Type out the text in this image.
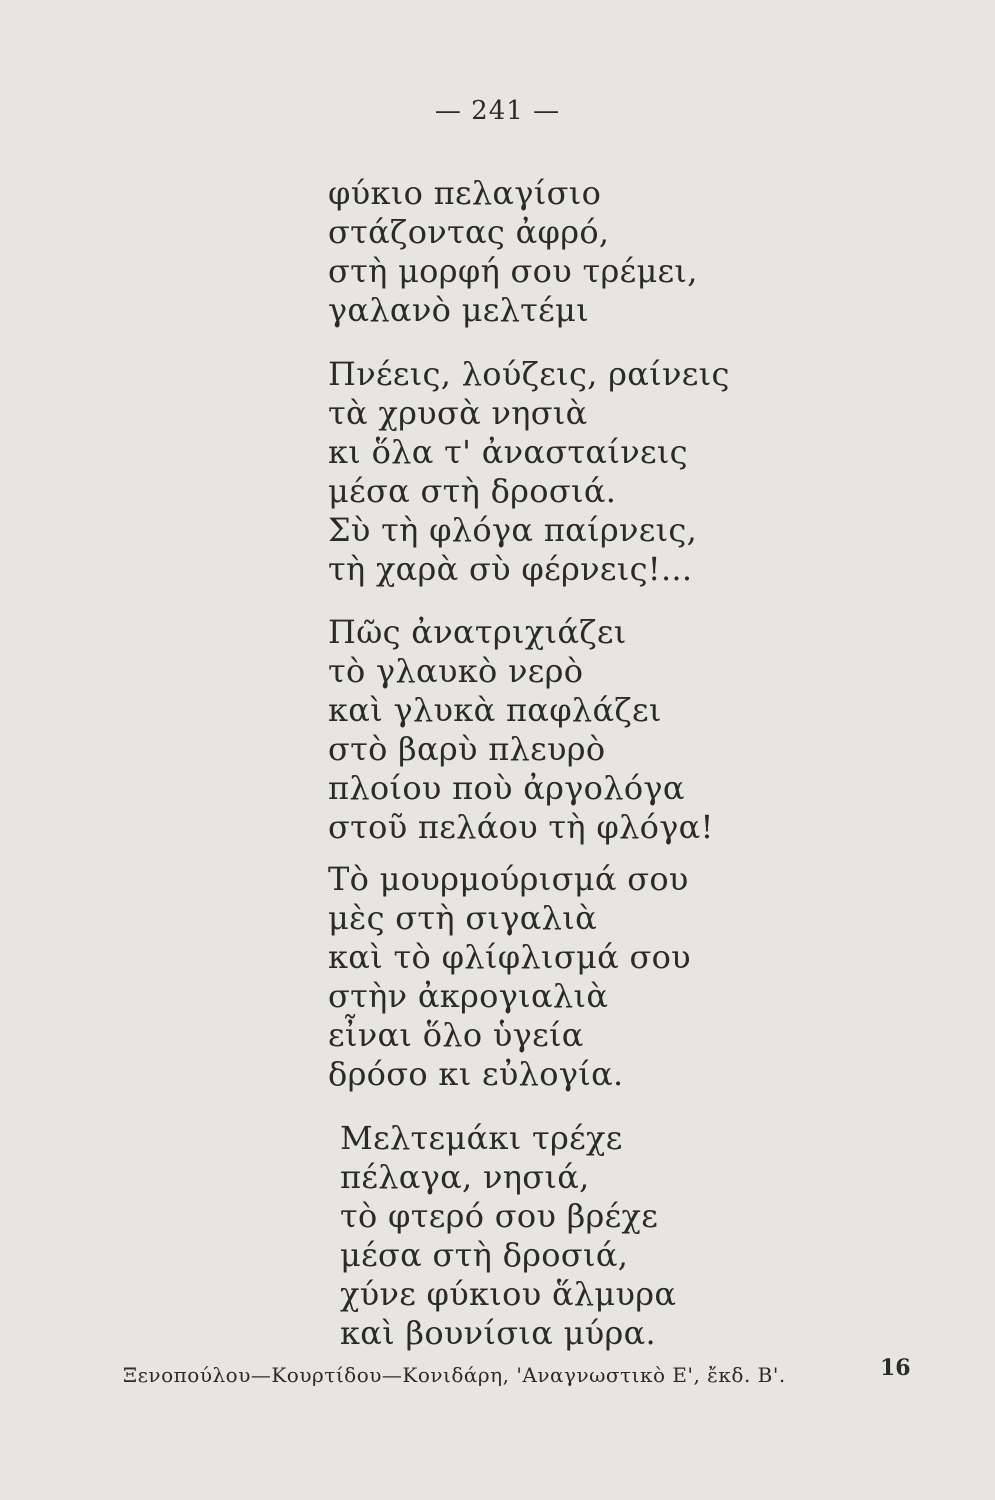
— 241 —
φύκιο πελαγίσιο
στάζοντας ἀφρό,
στὴ μορφή σου τρέμει,
γαλανὸ μελτέμι
Πνέεις, λούζεις, ραίνεις
τὰ χρυσὰ νησιὰ
κι ὅλα τ' ἀνασταίνεις
μέσα στὴ δροσιά.
Σὺ τὴ φλόγα παίρνεις,
τὴ χαρὰ σὺ φέρνεις!...
Πῶς ἀνατριχιάζει
τὸ γλαυκὸ νερὸ
καὶ γλυκὰ παφλάζει
στὸ βαρὺ πλευρὸ
πλοίου ποὺ ἀργολόγα
στοῦ πελάου τὴ φλόγα!
Τὸ μουρμούρισμά σου
μὲς στὴ σιγαλιὰ
καὶ τὸ φλίφλισμά σου
στὴν ἀκρογιαλιὰ
εἶναι ὅλο ὑγεία
δρόσο κι εὐλογία.
Μελτεμάκι τρέχε
πέλαγα, νησιά,
τὸ φτερό σου βρέχε
μέσα στὴ δροσιά,
χύνε φύκιου ἅλμυρα
καὶ βουνίσια μύρα.
Ξενοπούλου—Κουρτίδου—Κονιδάρη, 'Αναγνωστικὸ Ε', ἔκδ. Β'.	16
